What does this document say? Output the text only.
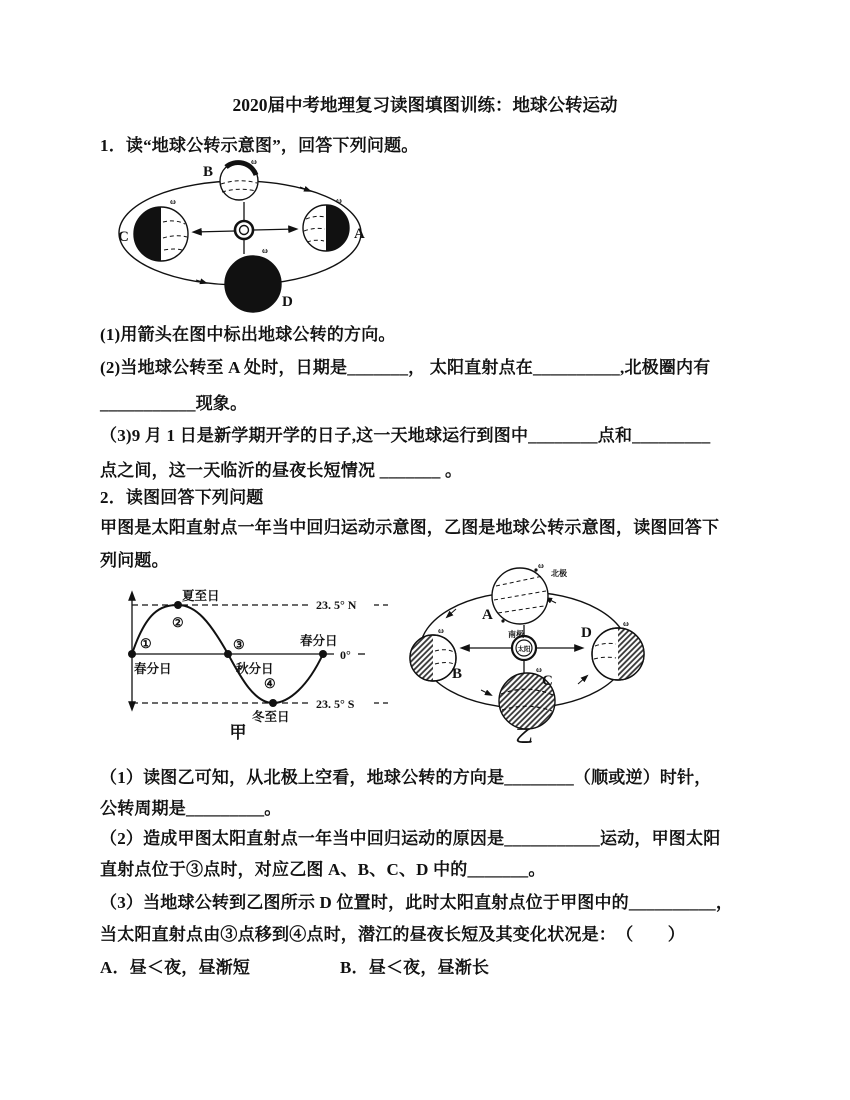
2020届中考地理复习读图填图训练：地球公转运动

1．读“地球公转示意图”，回答下列问题。

ω
ω	ω
ω
B
C	A
D

(1)用箭头在图中标出地球公转的方向。

(2)当地球公转至 A 处时，日期是_______， 太阳直射点在__________,北极圈内有

___________现象。

（3)9 月 1 日是新学期开学的日子,这一天地球运行到图中________点和_________

点之间，这一天临沂的昼夜长短情况 _______ 。

2．读图回答下列问题

甲图是太阳直射点一年当中回归运动示意图，乙图是地球公转示意图，读图回答下

列问题。

①
②
③
④
夏至日
春分日	秋分日
冬至日
春分日
23. 5° N
0°
23. 5° S
甲
太阳
北极
南极
ω
ω
ω
ω
A
B	C
D
乙

（1）读图乙可知，从北极上空看，地球公转的方向是________（顺或逆）时针，

公转周期是_________。

（2）造成甲图太阳直射点一年当中回归运动的原因是___________运动，甲图太阳

直射点位于③点时，对应乙图 A、B、C、D 中的_______。

（3）当地球公转到乙图所示 D 位置时，此时太阳直射点位于甲图中的__________，

当太阳直射点由③点移到④点时，潜江的昼夜长短及其变化状况是：　（　　）

A．昼＜夜，昼渐短	B．昼＜夜，昼渐长
